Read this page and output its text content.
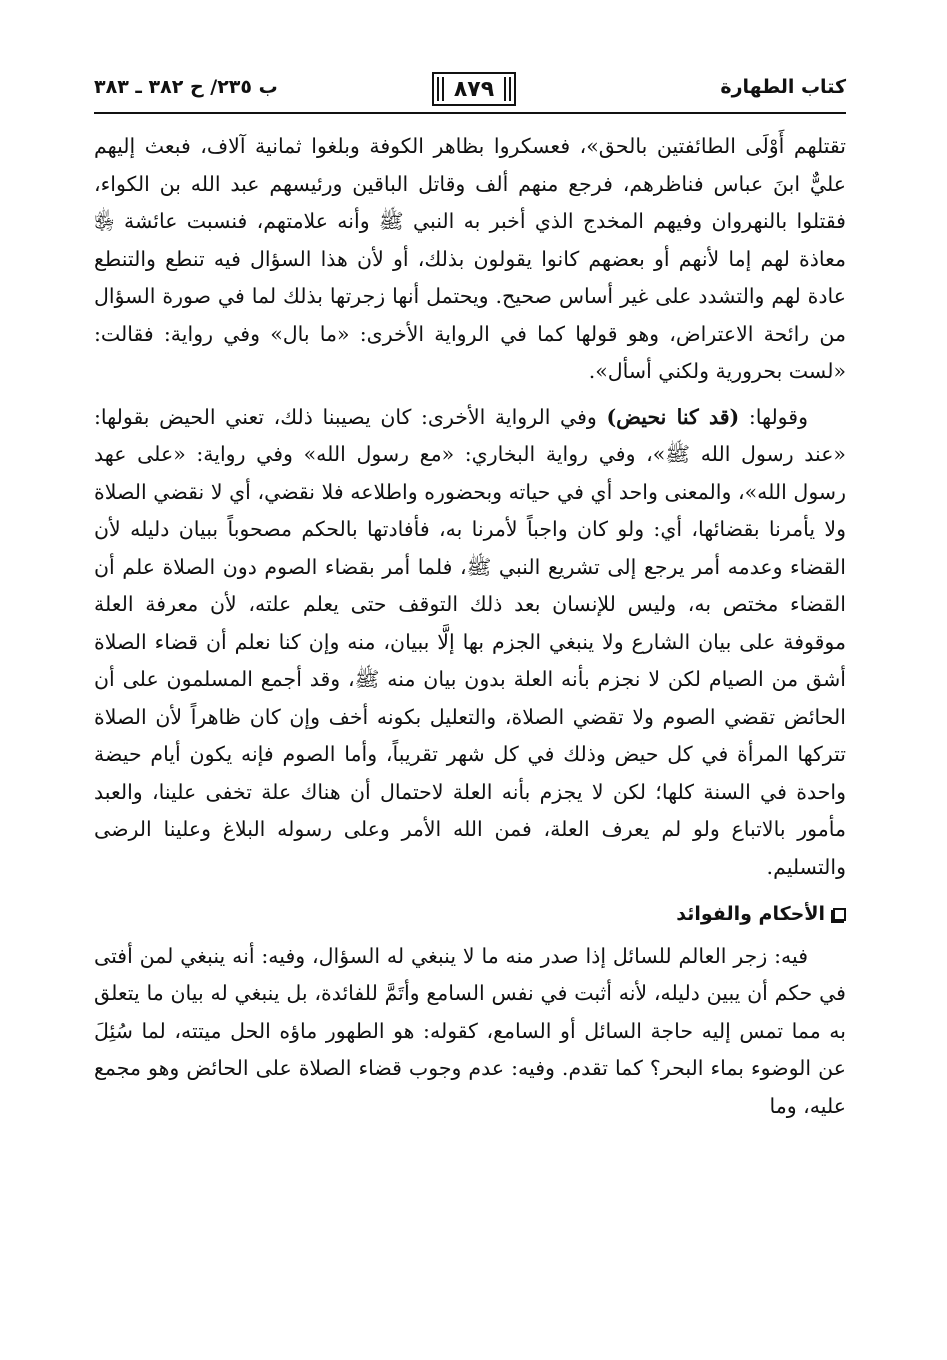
كتاب الطهارة
٨٧٩
ب ٢٣٥/ ح ٣٨٢ ـ ٣٨٣

تقتلهم أَوْلَى الطائفتين بالحق»، فعسكروا بظاهر الكوفة وبلغوا ثمانية آلاف، فبعث إليهم عليٌّ ابنَ عباس فناظرهم، فرجع منهم ألف وقاتل الباقين ورئيسهم عبد الله بن الكواء، فقتلوا بالنهروان وفيهم المخدج الذي أخبر به النبي ﷺ وأنه علامتهم، فنسبت عائشة ﵂ معاذة لهم إما لأنهم أو بعضهم كانوا يقولون بذلك، أو لأن هذا السؤال فيه تنطع والتنطع عادة لهم والتشدد على غير أساس صحيح. ويحتمل أنها زجرتها بذلك لما في صورة السؤال من رائحة الاعتراض، وهو قولها كما في الرواية الأخرى: «ما بال» وفي رواية: فقالت: «لست بحرورية ولكني أسأل».

وقولها: (قد كنا نحيض) وفي الرواية الأخرى: كان يصيبنا ذلك، تعني الحيض بقولها: «عند رسول الله ﷺ»، وفي رواية البخاري: «مع رسول الله» وفي رواية: «على عهد رسول الله»، والمعنى واحد أي في حياته وبحضوره واطلاعه فلا نقضي، أي لا نقضي الصلاة ولا يأمرنا بقضائها، أي: ولو كان واجباً لأمرنا به، فأفادتها بالحكم مصحوباً ببيان دليله لأن القضاء وعدمه أمر يرجع إلى تشريع النبي ﷺ، فلما أمر بقضاء الصوم دون الصلاة علم أن القضاء مختص به، وليس للإنسان بعد ذلك التوقف حتى يعلم علته، لأن معرفة العلة موقوفة على بيان الشارع ولا ينبغي الجزم بها إلَّا ببيان، منه وإن كنا نعلم أن قضاء الصلاة أشق من الصيام لكن لا نجزم بأنه العلة بدون بيان منه ﷺ، وقد أجمع المسلمون على أن الحائض تقضي الصوم ولا تقضي الصلاة، والتعليل بكونه أخف وإن كان ظاهراً لأن الصلاة تتركها المرأة في كل حيض وذلك في كل شهر تقريباً، وأما الصوم فإنه يكون أيام حيضة واحدة في السنة كلها؛ لكن لا يجزم بأنه العلة لاحتمال أن هناك علة تخفى علينا، والعبد مأمور بالاتباع ولو لم يعرف العلة، فمن الله الأمر وعلى رسوله البلاغ وعلينا الرضى والتسليم.

الأحكام والفوائد

فيه: زجر العالم للسائل إذا صدر منه ما لا ينبغي له السؤال، وفيه: أنه ينبغي لمن أفتى في حكم أن يبين دليله، لأنه أثبت في نفس السامع وأتَمَّ للفائدة، بل ينبغي له بيان ما يتعلق به مما تمس إليه حاجة السائل أو السامع، كقوله: هو الطهور ماؤه الحل ميتته، لما سُئِلَ عن الوضوء بماء البحر؟ كما تقدم. وفيه: عدم وجوب قضاء الصلاة على الحائض وهو مجمع عليه، وما
